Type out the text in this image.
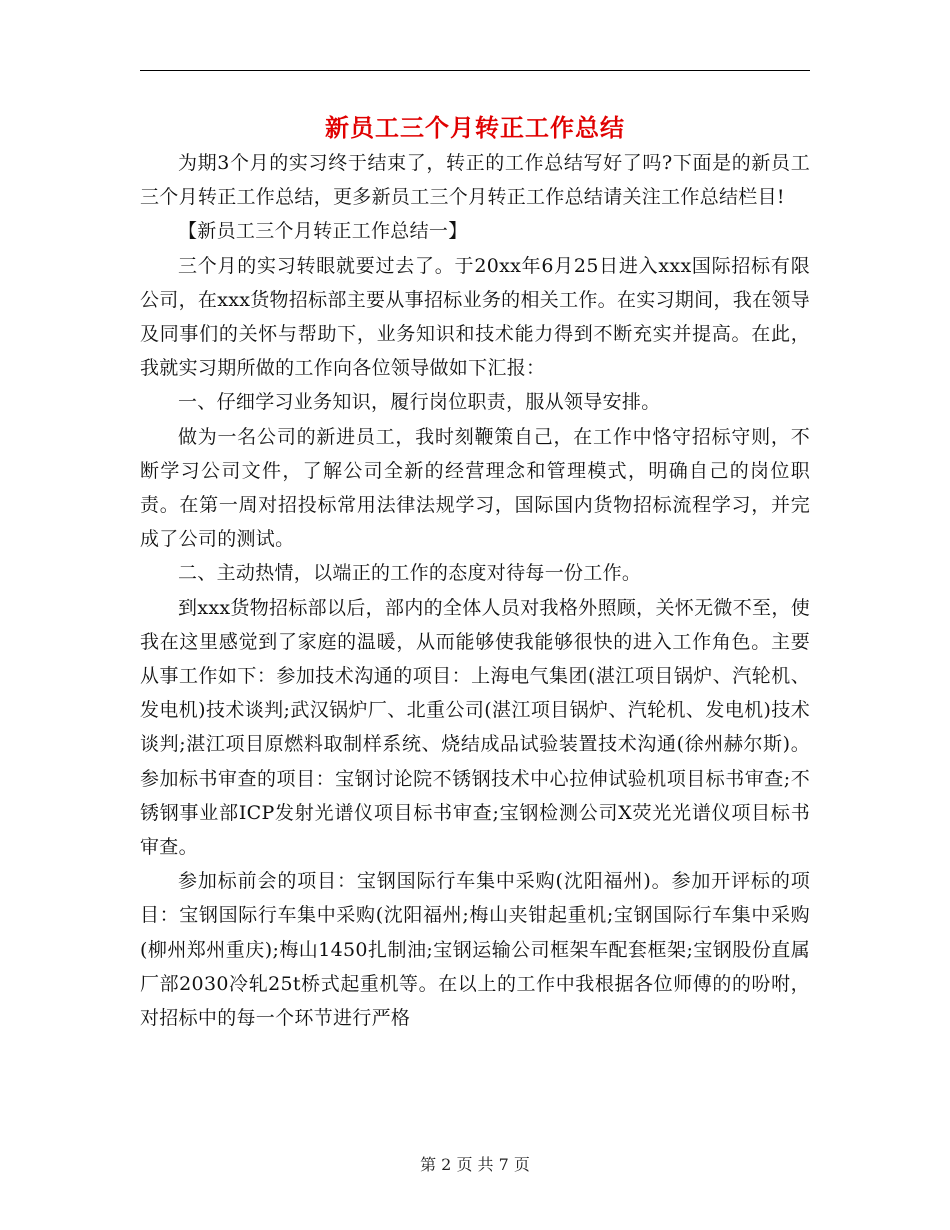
新员工三个月转正工作总结

为期3个月的实习终于结束了，转正的工作总结写好了吗?下面是的新员工三个月转正工作总结，更多新员工三个月转正工作总结请关注工作总结栏目!

【新员工三个月转正工作总结一】

三个月的实习转眼就要过去了。于20xx年6月25日进入xxx国际招标有限公司，在xxx货物招标部主要从事招标业务的相关工作。在实习期间，我在领导及同事们的关怀与帮助下，业务知识和技术能力得到不断充实并提高。在此，我就实习期所做的工作向各位领导做如下汇报：

一、仔细学习业务知识，履行岗位职责，服从领导安排。

做为一名公司的新进员工，我时刻鞭策自己，在工作中恪守招标守则，不断学习公司文件，了解公司全新的经营理念和管理模式，明确自己的岗位职责。在第一周对招投标常用法律法规学习，国际国内货物招标流程学习，并完成了公司的测试。

二、主动热情，以端正的工作的态度对待每一份工作。

到xxx货物招标部以后，部内的全体人员对我格外照顾，关怀无微不至，使我在这里感觉到了家庭的温暖，从而能够使我能够很快的进入工作角色。主要从事工作如下：参加技术沟通的项目：上海电气集团(湛江项目锅炉、汽轮机、发电机)技术谈判;武汉锅炉厂、北重公司(湛江项目锅炉、汽轮机、发电机)技术谈判;湛江项目原燃料取制样系统、烧结成品试验装置技术沟通(徐州赫尔斯)。参加标书审查的项目：宝钢讨论院不锈钢技术中心拉伸试验机项目标书审查;不锈钢事业部ICP发射光谱仪项目标书审查;宝钢检测公司X荧光光谱仪项目标书审查。

参加标前会的项目：宝钢国际行车集中采购(沈阳福州)。参加开评标的项目：宝钢国际行车集中采购(沈阳福州;梅山夹钳起重机;宝钢国际行车集中采购(柳州郑州重庆);梅山1450扎制油;宝钢运输公司框架车配套框架;宝钢股份直属厂部2030冷轧25t桥式起重机等。在以上的工作中我根据各位师傅的的吩咐，对招标中的每一个环节进行严格

第 2 页 共 7 页
